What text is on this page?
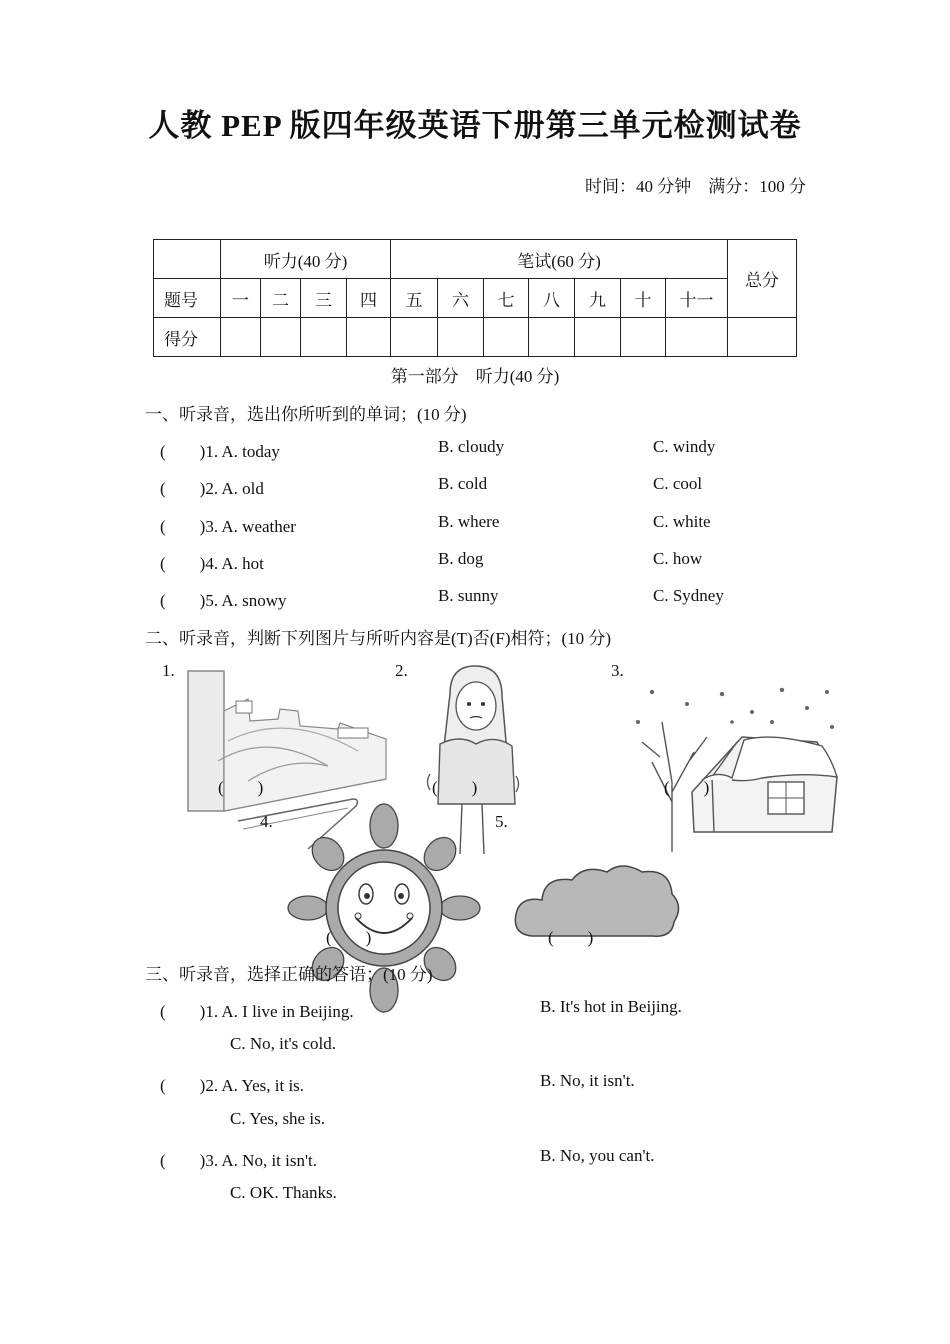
人教 PEP 版四年级英语下册第三单元检测试卷
时间：40 分钟　满分：100 分
	听力(40 分)				笔试(60 分)							总分
题号	一	二	三	四	五	六	七	八	九	十	十一	
得分												
第一部分　听力(40 分)
一、听录音，选出你所听到的单词；(10 分)
(　　)1. A. today	B. cloudy	C. windy
(　　)2. A. old	B. cold	C. cool
(　　)3. A. weather	B. where	C. white
(　　)4. A. hot	B. dog	C. how
(　　)5. A. snowy	B. sunny	C. Sydney
二、听录音，判断下列图片与所听内容是(T)否(F)相符；(10 分)
1.	2.	3.
(　　)	(　　)	(　　)
4.	5.
(　　)	(　　)
三、听录音，选择正确的答语；(10 分)
(　　)1. A. I live in Beijing.	B. It's hot in Beijing.
C. No, it's cold.
(　　)2. A. Yes, it is.	B. No, it isn't.
C. Yes, she is.
(　　)3. A. No, it isn't.	B. No, you can't.
C. OK. Thanks.
